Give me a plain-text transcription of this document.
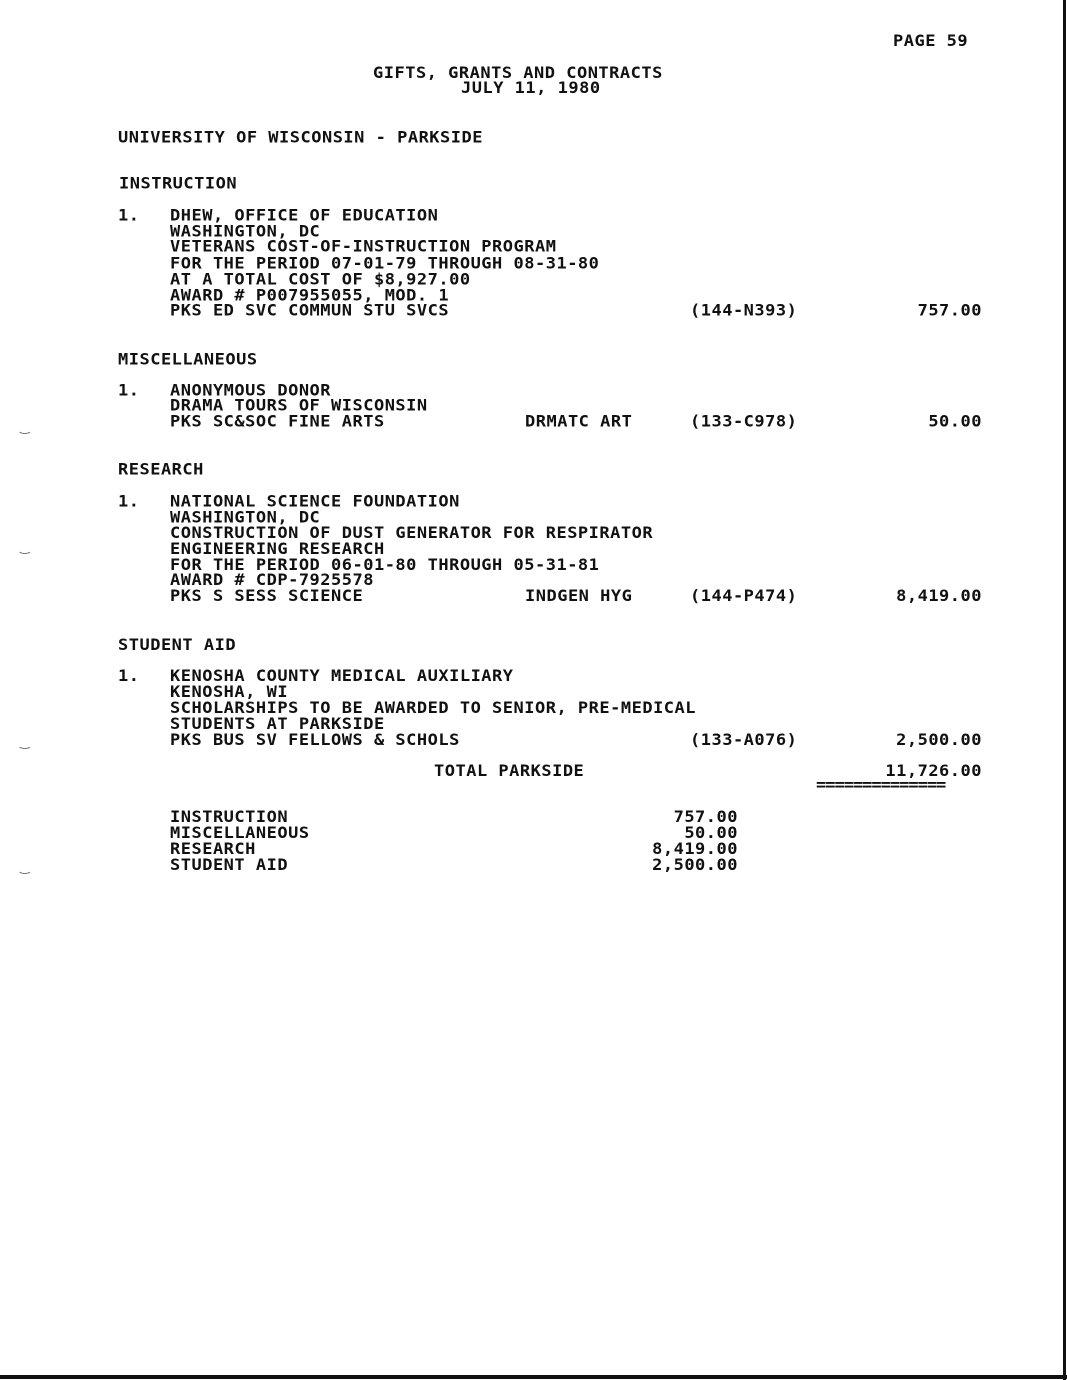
PAGE 59
GIFTS, GRANTS AND CONTRACTS
JULY 11, 1980
UNIVERSITY OF WISCONSIN - PARKSIDE
INSTRUCTION
1. DHEW, OFFICE OF EDUCATION
WASHINGTON, DC
VETERANS COST-OF-INSTRUCTION PROGRAM
FOR THE PERIOD 07-01-79 THROUGH 08-31-80
AT A TOTAL COST OF $8,927.00
AWARD # P007955055, MOD. 1
PKS ED SVC COMMUN STU SVCS	(144-N393)	757.00
MISCELLANEOUS
1. ANONYMOUS DONOR
DRAMA TOURS OF WISCONSIN
PKS SC&SOC FINE ARTS	DRMATC ART	(133-C978)	50.00
RESEARCH
1. NATIONAL SCIENCE FOUNDATION
WASHINGTON, DC
CONSTRUCTION OF DUST GENERATOR FOR RESPIRATOR
ENGINEERING RESEARCH
FOR THE PERIOD 06-01-80 THROUGH 05-31-81
AWARD # CDP-7925578
PKS S SESS SCIENCE	INDGEN HYG	(144-P474)	8,419.00
STUDENT AID
1. KENOSHA COUNTY MEDICAL AUXILIARY
KENOSHA, WI
SCHOLARSHIPS TO BE AWARDED TO SENIOR, PRE-MEDICAL
STUDENTS AT PARKSIDE
PKS BUS SV FELLOWS & SCHOLS	(133-A076)	2,500.00
TOTAL PARKSIDE	11,726.00
==============
INSTRUCTION	757.00
MISCELLANEOUS	50.00
RESEARCH	8,419.00
STUDENT AID	2,500.00
‿
‿
‿
‿
